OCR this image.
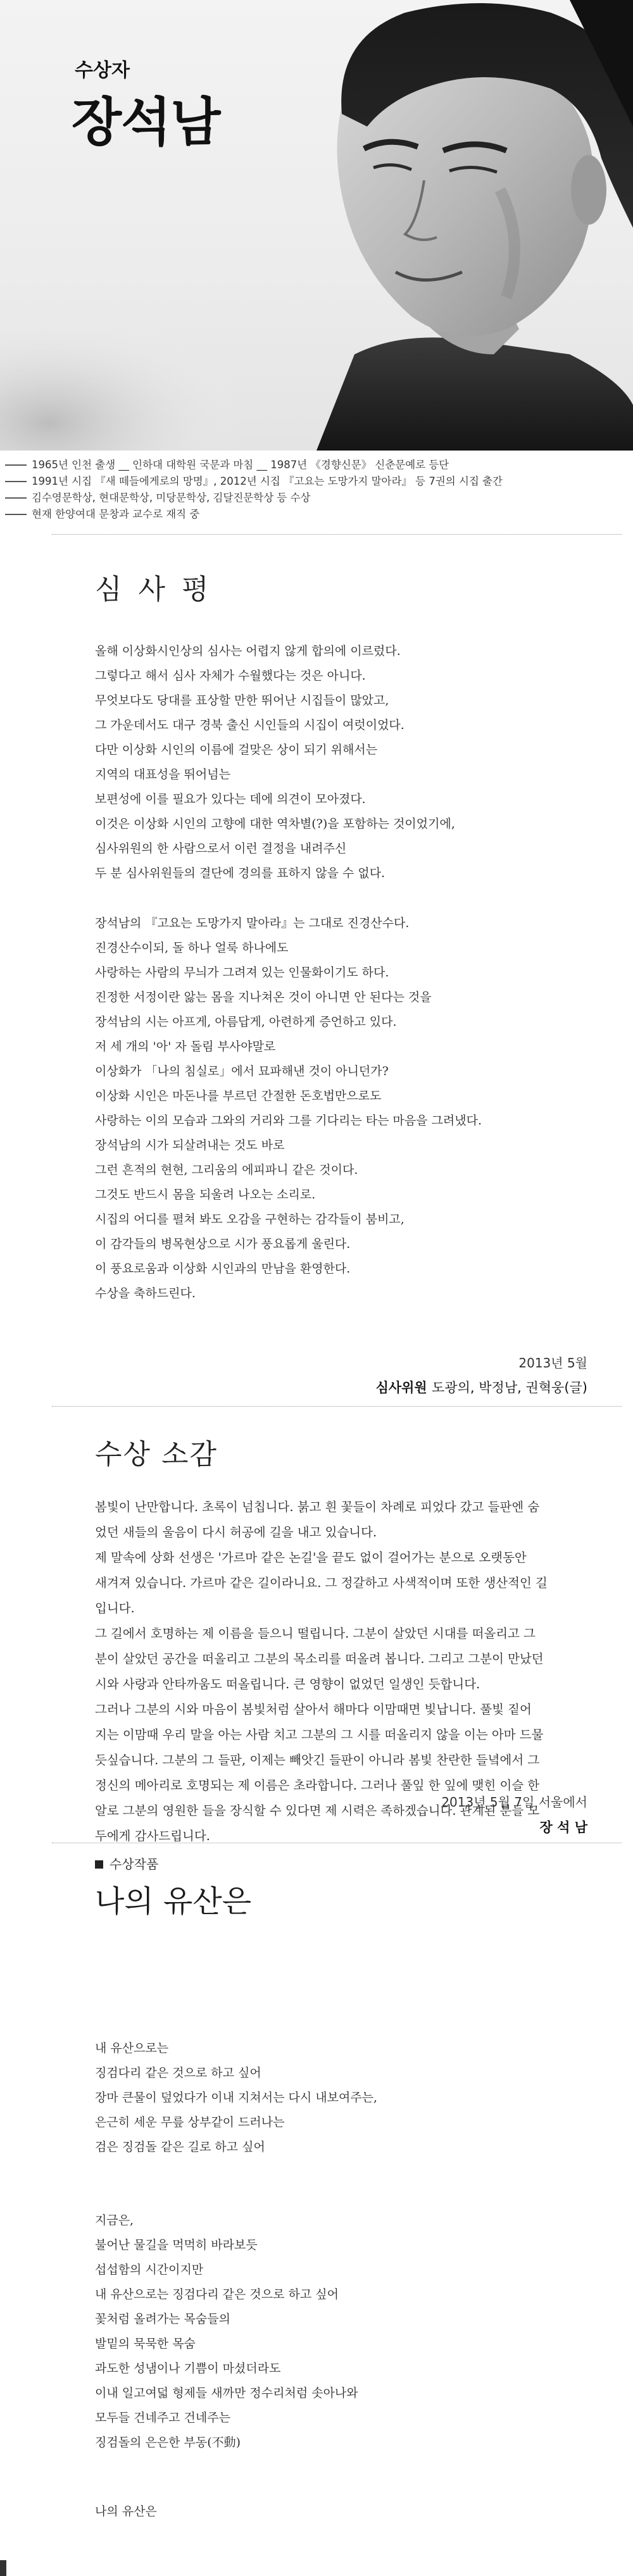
수상자
장석남
1965년 인천 출생 __ 인하대 대학원 국문과 마침 __ 1987년 《경향신문》 신춘문예로 등단
1991년 시집 『새 떼들에게로의 망명』, 2012년 시집 『고요는 도망가지 말아라』 등 7권의 시집 출간
김수영문학상, 현대문학상, 미당문학상, 김달진문학상 등 수상
현재 한양여대 문창과 교수로 재직 중
심 사 평
올해 이상화시인상의 심사는 어렵지 않게 합의에 이르렀다.
그렇다고 해서 심사 자체가 수월했다는 것은 아니다.
무엇보다도 당대를 표상할 만한 뛰어난 시집들이 많았고,
그 가운데서도 대구 경북 출신 시인들의 시집이 여럿이었다.
다만 이상화 시인의 이름에 걸맞은 상이 되기 위해서는
지역의 대표성을 뛰어넘는
보편성에 이를 필요가 있다는 데에 의견이 모아졌다.
이것은 이상화 시인의 고향에 대한 역차별(?)을 포함하는 것이었기에,
심사위원의 한 사람으로서 이런 결정을 내려주신
두 분 심사위원들의 결단에 경의를 표하지 않을 수 없다.
장석남의 『고요는 도망가지 말아라』는 그대로 진경산수다.
진경산수이되, 돌 하나 얼룩 하나에도
사랑하는 사람의 무늬가 그려져 있는 인물화이기도 하다.
진정한 서정이란 앓는 몸을 지나쳐온 것이 아니면 안 된다는 것을
장석남의 시는 아프게, 아름답게, 아련하게 증언하고 있다.
저 세 개의 '아' 자 돌림 부사야말로
이상화가 「나의 침실로」에서 묘파해낸 것이 아니던가?
이상화 시인은 마돈나를 부르던 간절한 돈호법만으로도
사랑하는 이의 모습과 그와의 거리와 그를 기다리는 타는 마음을 그려냈다.
장석남의 시가 되살려내는 것도 바로
그런 흔적의 현현, 그리움의 에피파니 같은 것이다.
그것도 반드시 몸을 되울려 나오는 소리로.
시집의 어디를 펼쳐 봐도 오감을 구현하는 감각들이 붐비고,
이 감각들의 병목현상으로 시가 풍요롭게 울린다.
이 풍요로움과 이상화 시인과의 만남을 환영한다.
수상을 축하드린다.
2013년 5월
심사위원 도광의, 박정남, 권혁웅(글)
수상 소감
봄빛이 난만합니다. 초록이 넘칩니다. 붉고 흰 꽃들이 차례로 피었다 갔고 들판엔 숨
었던 새들의 울음이 다시 허공에 길을 내고 있습니다.
제 말속에 상화 선생은 '가르마 같은 논길'을 끝도 없이 걸어가는 분으로 오랫동안
새겨져 있습니다. 가르마 같은 길이라니요. 그 정갈하고 사색적이며 또한 생산적인 길
입니다.
그 길에서 호명하는 제 이름을 들으니 떨립니다. 그분이 살았던 시대를 떠올리고 그
분이 살았던 공간을 떠올리고 그분의 목소리를 떠올려 봅니다. 그리고 그분이 만났던
시와 사랑과 안타까움도 떠올립니다. 큰 영향이 없었던 일생인 듯합니다.
그러나 그분의 시와 마음이 봄빛처럼 살아서 해마다 이맘때면 빛납니다. 풀빛 짙어
지는 이맘때 우리 말을 아는 사람 치고 그분의 그 시를 떠올리지 않을 이는 아마 드물
듯싶습니다. 그분의 그 들판, 이제는 빼앗긴 들판이 아니라 봄빛 찬란한 들녘에서 그
정신의 메아리로 호명되는 제 이름은 초라합니다. 그러나 풀잎 한 잎에 맺힌 이슬 한
알로 그분의 영원한 들을 장식할 수 있다면 제 시력은 족하겠습니다. 관계된 분들 모
두에게 감사드립니다.
2013년 5월 7일 서울에서
장 석 남
수상작품
나의 유산은
내 유산으로는
징검다리 같은 것으로 하고 싶어
장마 큰물이 덮었다가 이내 지쳐서는 다시 내보여주는,
은근히 세운 무릎 상부같이 드러나는
검은 징검돌 같은 길로 하고 싶어
지금은,
불어난 물길을 먹먹히 바라보듯
섭섭함의 시간이지만
내 유산으로는 징검다리 같은 것으로 하고 싶어
꽃처럼 올려가는 목숨들의
발밑의 묵묵한 목숨
과도한 성냄이나 기쁨이 마셨더라도
이내 일고여덟 형제들 새까만 정수리처럼 솟아나와
모두들 건네주고 건네주는
징검돌의 은은한 부동(不動)
나의 유산은
